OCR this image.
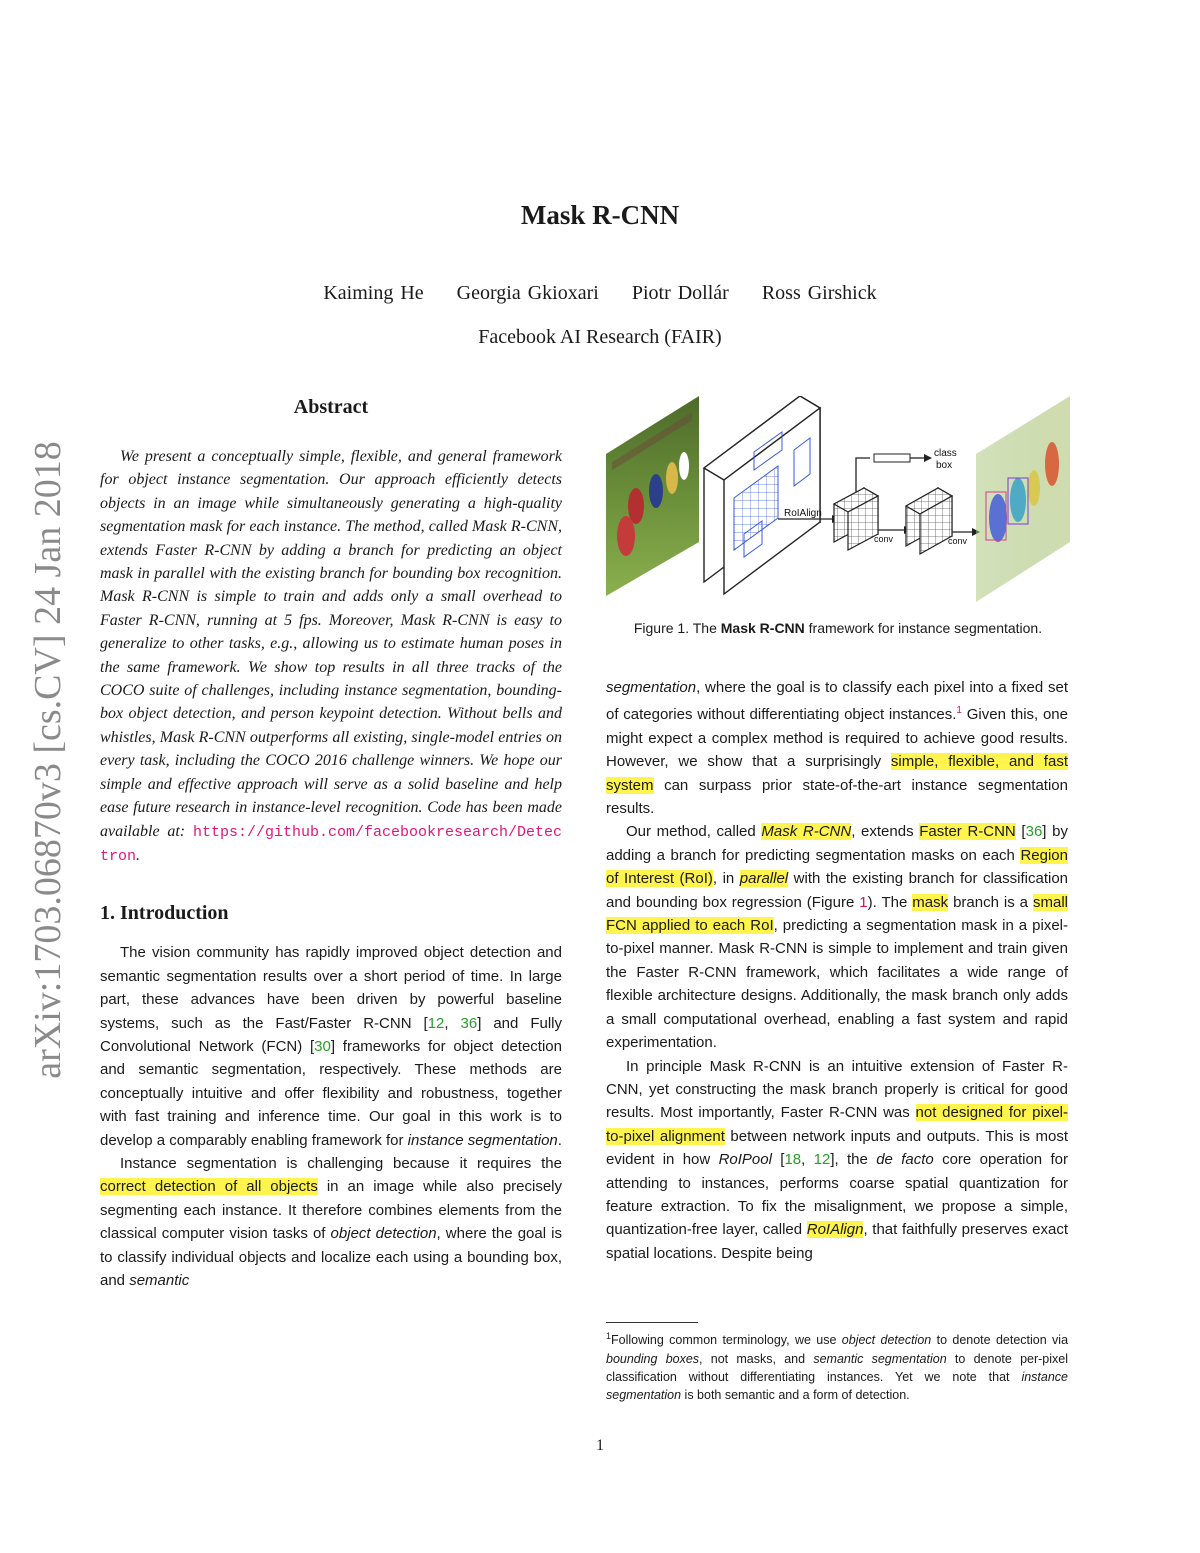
arXiv:1703.06870v3 [cs.CV] 24 Jan 2018
Mask R-CNN
Kaiming He Georgia Gkioxari Piotr Dollár Ross Girshick
Facebook AI Research (FAIR)
Abstract

We present a conceptually simple, flexible, and general framework for object instance segmentation. Our approach efficiently detects objects in an image while simultaneously generating a high-quality segmentation mask for each instance. The method, called Mask R-CNN, extends Faster R-CNN by adding a branch for predicting an object mask in parallel with the existing branch for bounding box recognition. Mask R-CNN is simple to train and adds only a small overhead to Faster R-CNN, running at 5 fps. Moreover, Mask R-CNN is easy to generalize to other tasks, e.g., allowing us to estimate human poses in the same framework. We show top results in all three tracks of the COCO suite of challenges, including instance segmentation, bounding-box object detection, and person keypoint detection. Without bells and whistles, Mask R-CNN outperforms all existing, single-model entries on every task, including the COCO 2016 challenge winners. We hope our simple and effective approach will serve as a solid baseline and help ease future research in instance-level recognition. Code has been made available at: https://github.com/facebookresearch/Detectron.

1. Introduction

The vision community has rapidly improved object detection and semantic segmentation results over a short period of time. In large part, these advances have been driven by powerful baseline systems, such as the Fast/Faster R-CNN [12, 36] and Fully Convolutional Network (FCN) [30] frameworks for object detection and semantic segmentation, respectively. These methods are conceptually intuitive and offer flexibility and robustness, together with fast training and inference time. Our goal in this work is to develop a comparably enabling framework for instance segmentation.

Instance segmentation is challenging because it requires the correct detection of all objects in an image while also precisely segmenting each instance. It therefore combines elements from the classical computer vision tasks of object detection, where the goal is to classify individual objects and localize each using a bounding box, and semantic

RoIAlign
conv	conv
class
box
Figure 1. The Mask R-CNN framework for instance segmentation.

segmentation, where the goal is to classify each pixel into a fixed set of categories without differentiating object instances.$^1$ Given this, one might expect a complex method is required to achieve good results. However, we show that a surprisingly simple, flexible, and fast system can surpass prior state-of-the-art instance segmentation results.

Our method, called Mask R-CNN, extends Faster R-CNN [36] by adding a branch for predicting segmentation masks on each Region of Interest (RoI), in parallel with the existing branch for classification and bounding box regression (Figure 1). The mask branch is a small FCN applied to each RoI, predicting a segmentation mask in a pixel-to-pixel manner. Mask R-CNN is simple to implement and train given the Faster R-CNN framework, which facilitates a wide range of flexible architecture designs. Additionally, the mask branch only adds a small computational overhead, enabling a fast system and rapid experimentation.

In principle Mask R-CNN is an intuitive extension of Faster R-CNN, yet constructing the mask branch properly is critical for good results. Most importantly, Faster R-CNN was not designed for pixel-to-pixel alignment between network inputs and outputs. This is most evident in how RoIPool [18, 12], the de facto core operation for attending to instances, performs coarse spatial quantization for feature extraction. To fix the misalignment, we propose a simple, quantization-free layer, called RoIAlign, that faithfully preserves exact spatial locations. Despite being

$^1$Following common terminology, we use object detection to denote detection via bounding boxes, not masks, and semantic segmentation to denote per-pixel classification without differentiating instances. Yet we note that instance segmentation is both semantic and a form of detection.
1
